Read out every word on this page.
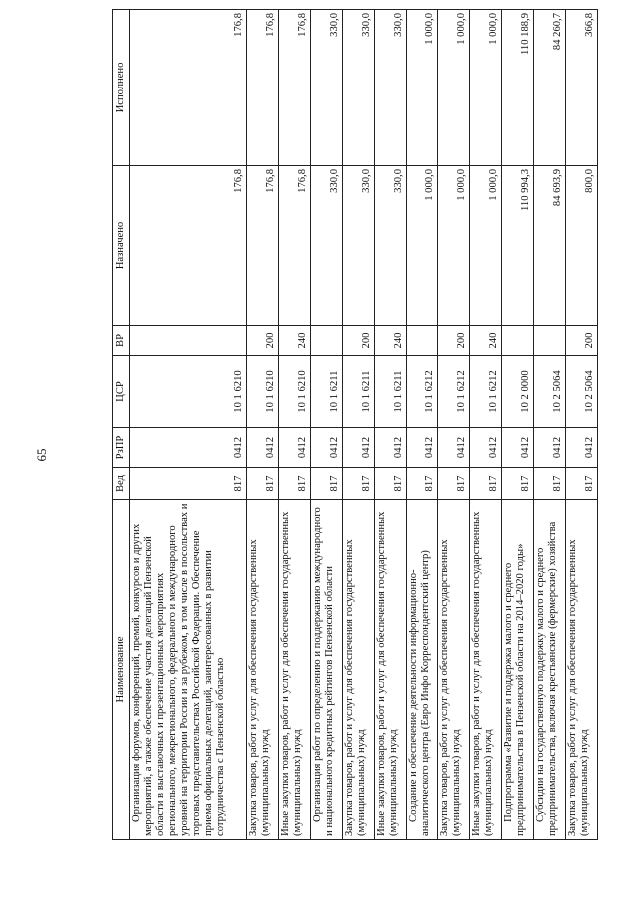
65
Наименование	Вед	РзПР	ЦСР	ВР	Назначено	Исполнено
Организация форумов, конференций, премий, конкурсов и других мероприятий, а также обеспечение участия делегаций Пензенской области в выставочных и презентационных мероприятиях регионального, межрегионального, федерального и международного уровней на территории России и за рубежом, в том числе в посольствах и торговых представительствах Российской Федерации. Обеспечение приема официальных делегаций, заинтересованных в развитии сотрудничества с Пензенской областью	817	0412	10 1 6210		176,8	176,8
Закупка товаров, работ и услуг для обеспечения государственных (муниципальных) нужд	817	0412	10 1 6210	200	176,8	176,8
Иные закупки товаров, работ и услуг для обеспечения государственных (муниципальных) нужд	817	0412	10 1 6210	240	176,8	176,8
Организация работ по определению и поддержанию международного и национального кредитных рейтингов Пензенской области	817	0412	10 1 6211		330,0	330,0
Закупка товаров, работ и услуг для обеспечения государственных (муниципальных) нужд	817	0412	10 1 6211	200	330,0	330,0
Иные закупки товаров, работ и услуг для обеспечения государственных (муниципальных) нужд	817	0412	10 1 6211	240	330,0	330,0
Создание и обеспечение деятельности информационно-аналитического центра (Евро Инфо Корреспондентский центр)	817	0412	10 1 6212		1 000,0	1 000,0
Закупка товаров, работ и услуг для обеспечения государственных (муниципальных) нужд	817	0412	10 1 6212	200	1 000,0	1 000,0
Иные закупки товаров, работ и услуг для обеспечения государственных (муниципальных) нужд	817	0412	10 1 6212	240	1 000,0	1 000,0
Подпрограмма «Развитие и поддержка малого и среднего предпринимательства в Пензенской области на 2014–2020 годы»	817	0412	10 2 0000		110 994,3	110 188,9
Субсидии на государственную поддержку малого и среднего предпринимательства, включая крестьянские (фермерские) хозяйства	817	0412	10 2 5064		84 693,9	84 260,7
Закупка товаров, работ и услуг для обеспечения государственных (муниципальных) нужд	817	0412	10 2 5064	200	800,0	366,8
